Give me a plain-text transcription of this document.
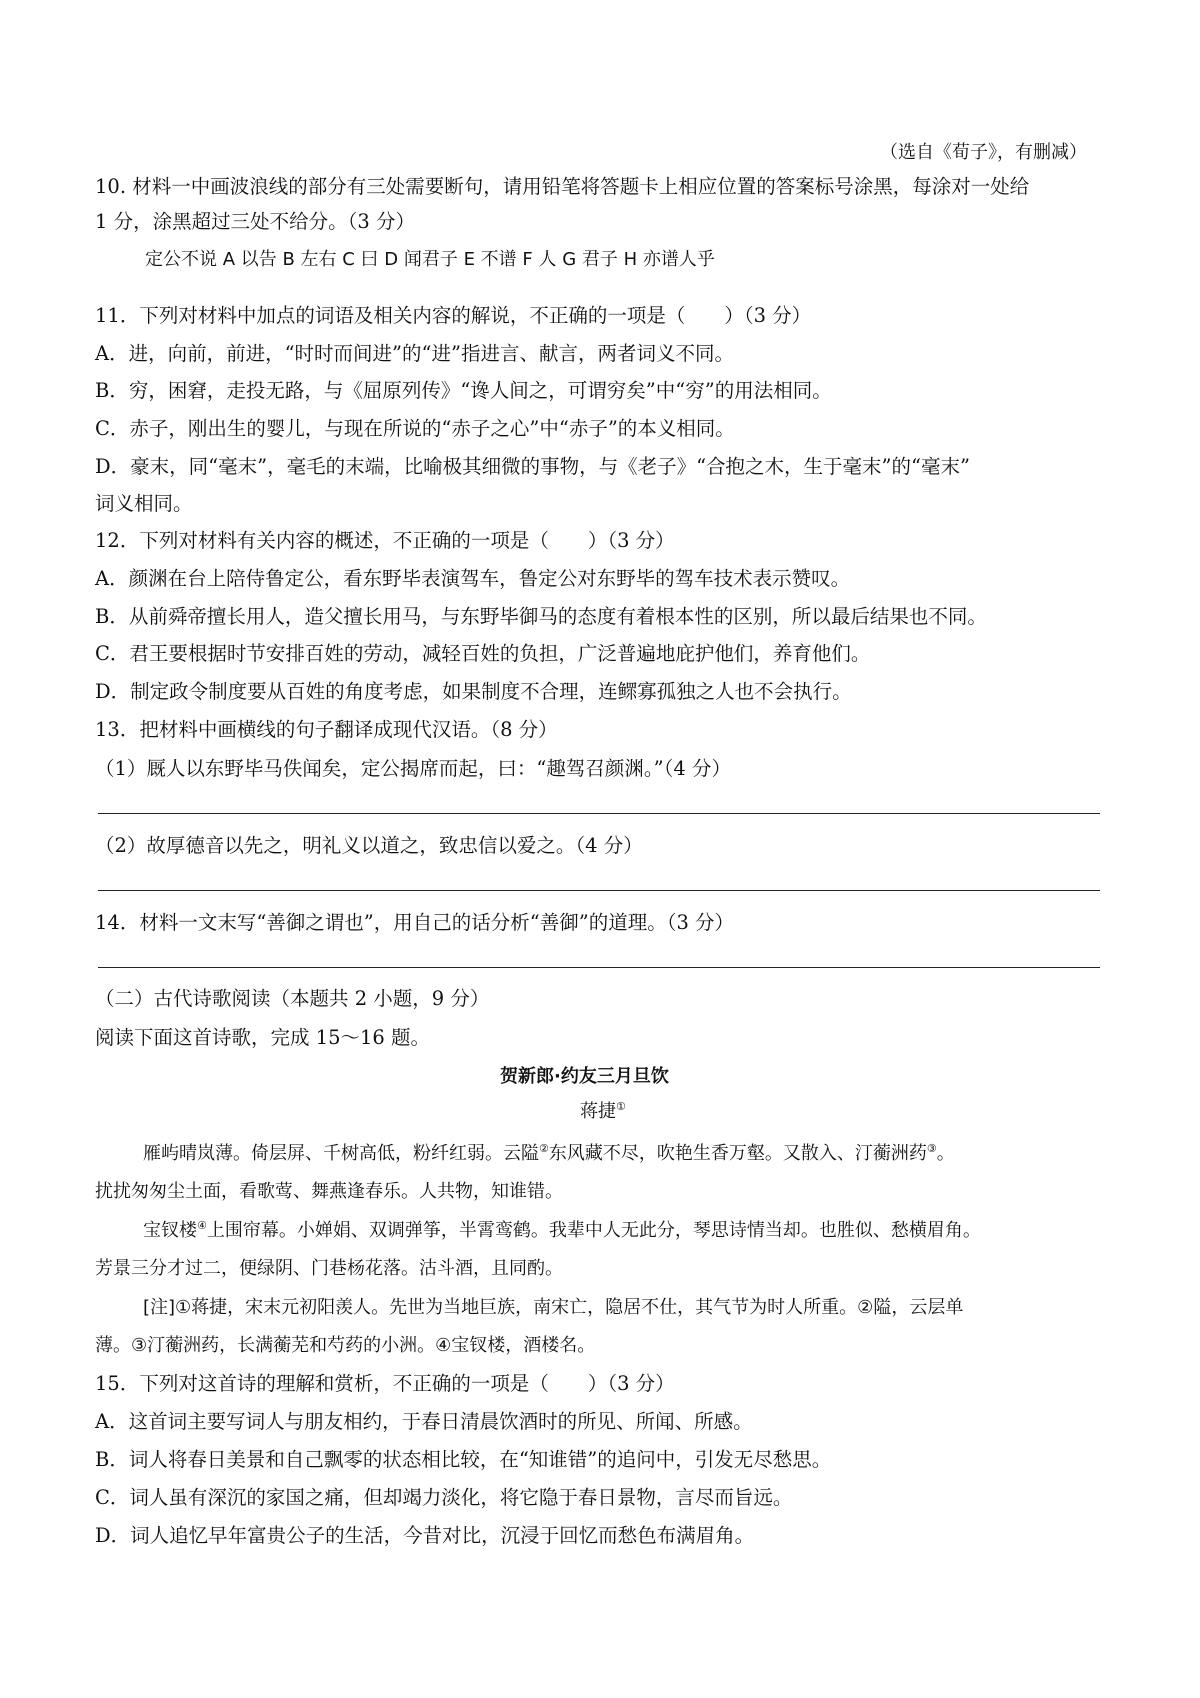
（选自《荀子》，有删减）
10. 材料一中画波浪线的部分有三处需要断句，请用铅笔将答题卡上相应位置的答案标号涂黑，每涂对一处给
1 分，涂黑超过三处不给分。（3 分）
定公不说 A 以告 B 左右 C 曰 D 闻君子 E 不谱 F 人 G 君子 H 亦谱人乎
11．下列对材料中加点的词语及相关内容的解说，不正确的一项是（　　）（3 分）
A．进，向前，前进，“时时而间进”的“进”指进言、献言，两者词义不同。
B．穷，困窘，走投无路，与《屈原列传》“谗人间之，可谓穷矣”中“穷”的用法相同。
C．赤子，刚出生的婴儿，与现在所说的“赤子之心”中“赤子”的本义相同。
D．豪末，同“毫末”，毫毛的末端，比喻极其细微的事物，与《老子》“合抱之木，生于毫末”的“毫末”
词义相同。
12．下列对材料有关内容的概述，不正确的一项是（　　）（3 分）
A．颜渊在台上陪侍鲁定公，看东野毕表演驾车，鲁定公对东野毕的驾车技术表示赞叹。
B．从前舜帝擅长用人，造父擅长用马，与东野毕御马的态度有着根本性的区别，所以最后结果也不同。
C．君王要根据时节安排百姓的劳动，减轻百姓的负担，广泛普遍地庇护他们，养育他们。
D．制定政令制度要从百姓的角度考虑，如果制度不合理，连鳏寡孤独之人也不会执行。
13．把材料中画横线的句子翻译成现代汉语。（8 分）
（1）厩人以东野毕马佚闻矣，定公揭席而起，曰：“趣驾召颜渊。”（4 分）
（2）故厚德音以先之，明礼义以道之，致忠信以爱之。（4 分）
14．材料一文末写“善御之谓也”，用自己的话分析“善御”的道理。（3 分）
（二）古代诗歌阅读（本题共 2 小题，9 分）
阅读下面这首诗歌，完成 15～16 题。
贺新郎·约友三月旦饮
蒋捷①
雁屿晴岚薄。倚层屏、千树高低，粉纤红弱。云隘②东风藏不尽，吹艳生香万壑。又散入、汀蘅洲药③。
扰扰匆匆尘土面，看歌莺、舞燕逢春乐。人共物，知谁错。
宝钗楼④上围帘幕。小婵娟、双调弹筝，半霄鸾鹤。我辈中人无此分，琴思诗情当却。也胜似、愁横眉角。
芳景三分才过二，便绿阴、门巷杨花落。沽斗酒，且同酌。
[注]①蒋捷，宋末元初阳羡人。先世为当地巨族，南宋亡，隐居不仕，其气节为时人所重。②隘，云层单
薄。③汀蘅洲药，长满蘅芜和芍药的小洲。④宝钗楼，酒楼名。
15．下列对这首诗的理解和赏析，不正确的一项是（　　）（3 分）
A．这首词主要写词人与朋友相约，于春日清晨饮酒时的所见、所闻、所感。
B．词人将春日美景和自己飘零的状态相比较，在“知谁错”的追问中，引发无尽愁思。
C．词人虽有深沉的家国之痛，但却竭力淡化，将它隐于春日景物，言尽而旨远。
D．词人追忆早年富贵公子的生活，今昔对比，沉浸于回忆而愁色布满眉角。
